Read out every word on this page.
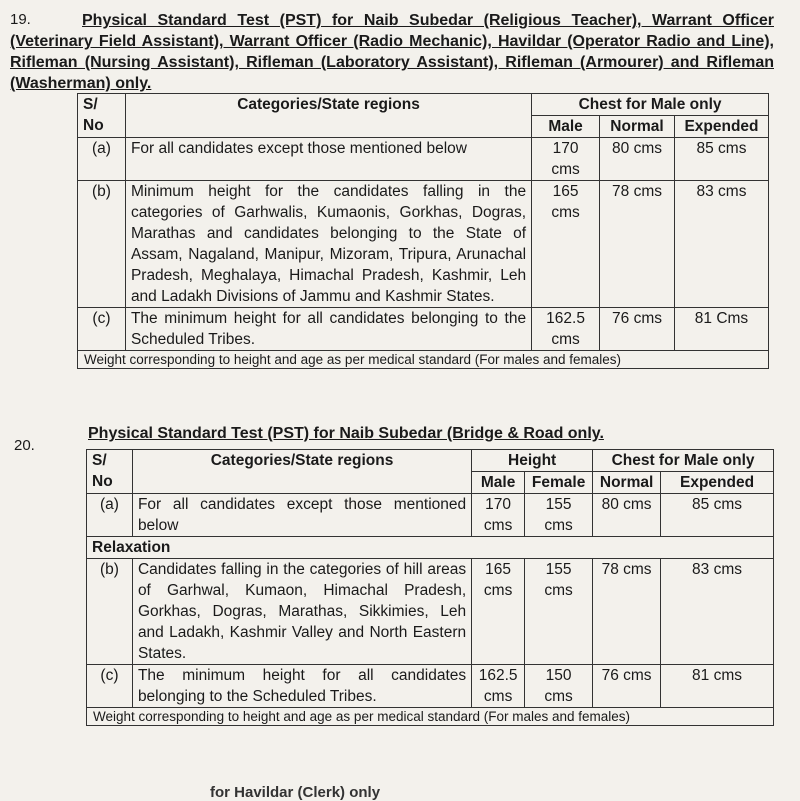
19.	Physical Standard Test (PST) for Naib Subedar (Religious Teacher), Warrant Officer (Veterinary Field Assistant), Warrant Officer (Radio Mechanic), Havildar (Operator Radio and Line), Rifleman (Nursing Assistant), Rifleman (Laboratory Assistant), Rifleman (Armourer) and Rifleman (Washerman) only.
S/ No	Categories/State regions	Chest for Male only		
		Male	Normal	Expended
(a)	For all candidates except those mentioned below	170 cms	80 cms	85 cms
(b)	Minimum height for the candidates falling in the categories of Garhwalis, Kumaonis, Gorkhas, Dogras, Marathas and candidates belonging to the State of Assam, Nagaland, Manipur, Mizoram, Tripura, Arunachal Pradesh, Meghalaya, Himachal Pradesh, Kashmir, Leh and Ladakh Divisions of Jammu and Kashmir States.	165 cms	78 cms	83 cms
(c)	The minimum height for all candidates belonging to the Scheduled Tribes.	162.5 cms	76 cms	81 Cms
Weight corresponding to height and age as per medical standard (For males and females)				
20.
Physical Standard Test (PST) for Naib Subedar (Bridge & Road only.
S/ No	Categories/State regions	Height		Chest for Male only	
		Male	Female	Normal	Expended
(a)	For all candidates except those mentioned below	170 cms	155 cms	80 cms	85 cms
Relaxation					
(b)	Candidates falling in the categories of hill areas of Garhwal, Kumaon, Himachal Pradesh, Gorkhas, Dogras, Marathas, Sikkimies, Leh and Ladakh, Kashmir Valley and North Eastern States.	165 cms	155 cms	78 cms	83 cms
(c)	The minimum height for all candidates belonging to the Scheduled Tribes.	162.5 cms	150 cms	76 cms	81 cms
Weight corresponding to height and age as per medical standard (For males and females)					
for Havildar (Clerk) only
